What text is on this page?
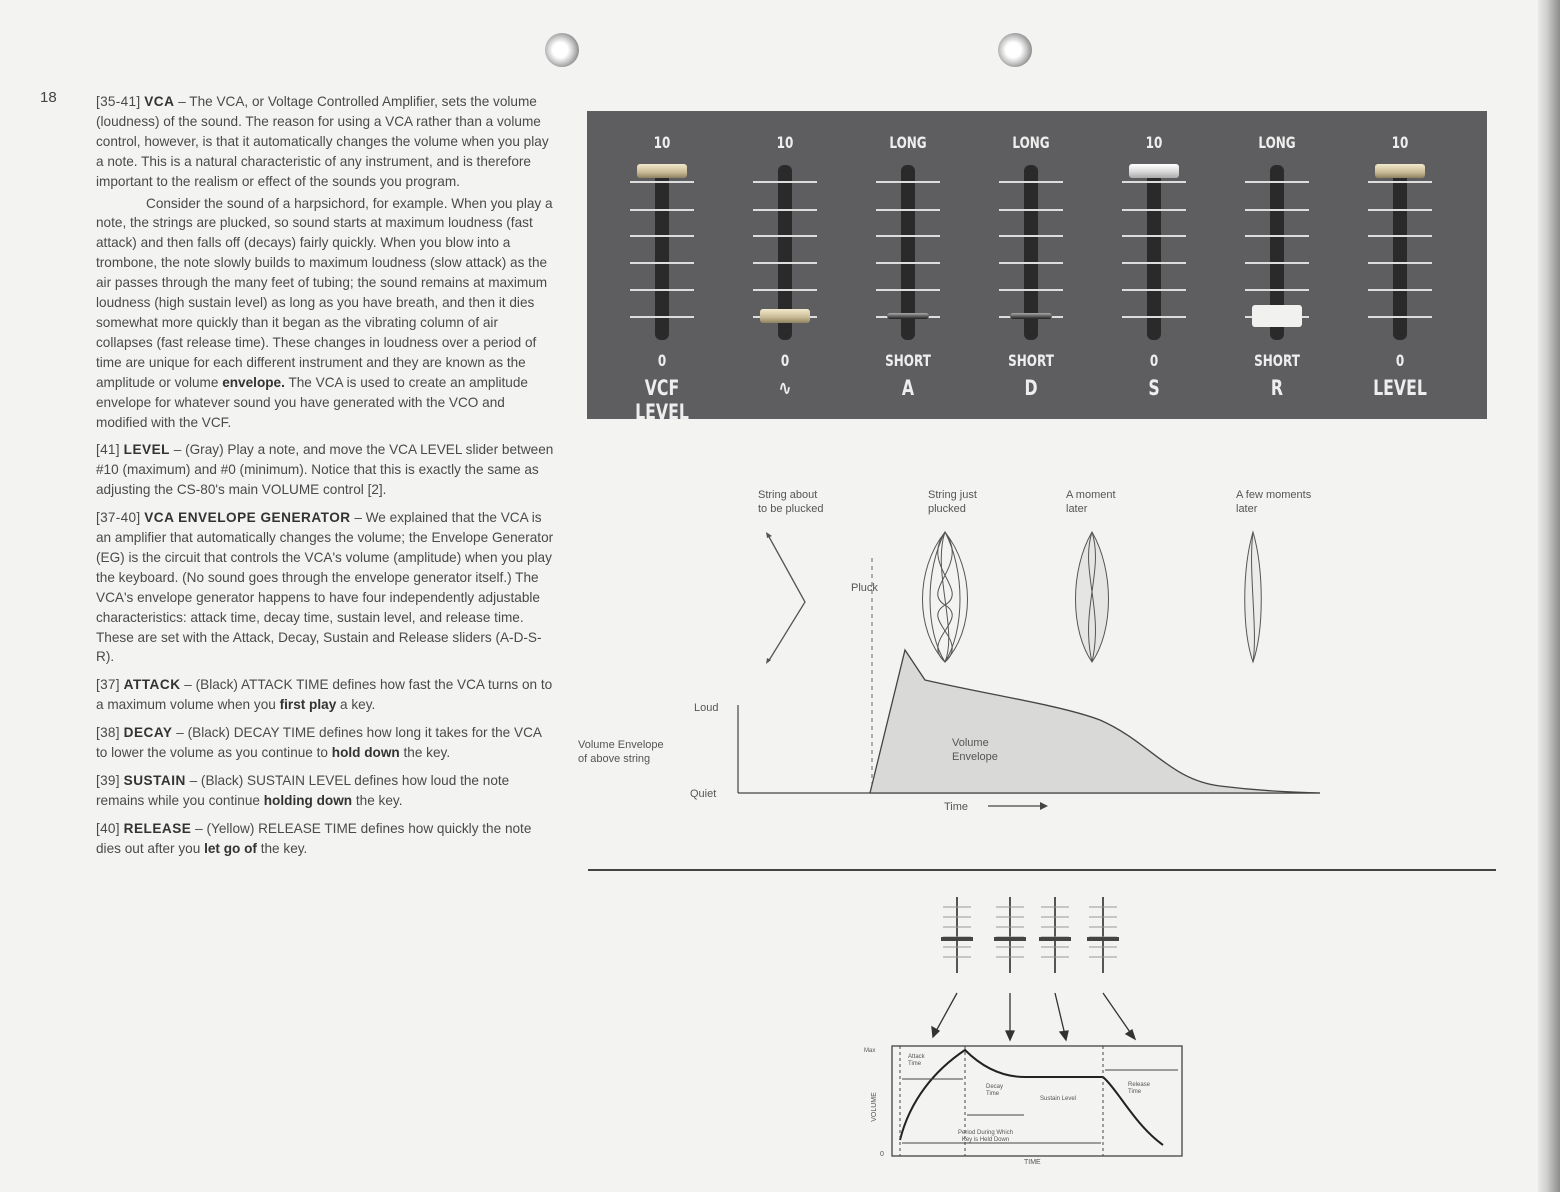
18	[35-41] VCA – The VCA, or Voltage Controlled Amplifier, sets the volume (loudness) of the sound. The reason for using a VCA rather than a volume control, however, is that it automatically changes the volume when you play a note. This is a natural characteristic of any instrument, and is therefore important to the realism or effect of the sounds you program.

Consider the sound of a harpsichord, for example. When you play a note, the strings are plucked, so sound starts at maximum loudness (fast attack) and then falls off (decays) fairly quickly. When you blow into a trombone, the note slowly builds to maximum loudness (slow attack) as the air passes through the many feet of tubing; the sound remains at maximum loudness (high sustain level) as long as you have breath, and then it dies somewhat more quickly than it began as the vibrating column of air collapses (fast release time). These changes in loudness over a period of time are unique for each different instrument and they are known as the amplitude or volume envelope. The VCA is used to create an amplitude envelope for whatever sound you have generated with the VCO and modified with the VCF.

[41] LEVEL – (Gray) Play a note, and move the VCA LEVEL slider between #10 (maximum) and #0 (minimum). Notice that this is exactly the same as adjusting the CS-80's main VOLUME control [2].

[37-40] VCA ENVELOPE GENERATOR – We explained that the VCA is an amplifier that automatically changes the volume; the Envelope Generator (EG) is the circuit that controls the VCA's volume (amplitude) when you play the keyboard. (No sound goes through the envelope generator itself.) The VCA's envelope generator happens to have four independently adjustable characteristics: attack time, decay time, sustain level, and release time. These are set with the Attack, Decay, Sustain and Release sliders (A-D-S-R).

[37] ATTACK – (Black) ATTACK TIME defines how fast the VCA turns on to a maximum volume when you first play a key.

[38] DECAY – (Black) DECAY TIME defines how long it takes for the VCA to lower the volume as you continue to hold down the key.

[39] SUSTAIN – (Black) SUSTAIN LEVEL defines how loud the note remains while you continue holding down the key.

[40] RELEASE – (Yellow) RELEASE TIME defines how quickly the note dies out after you let go of the key.

10
0
VCF LEVEL
10
0
∿
LONG
SHORT
A
LONG
SHORT
D
10
0
S
LONG
SHORT
R
10
0
LEVEL
String about
to be plucked
String just
plucked
A moment
later
A few moments
later
Pluck
Loud
Quiet
Volume Envelope
of above string
Volume
Envelope
Time
Max
0
VOLUME
TIME
Attack
Time
Decay
Time
Sustain Level
Release
Time
Period During Which
Key is Held Down
